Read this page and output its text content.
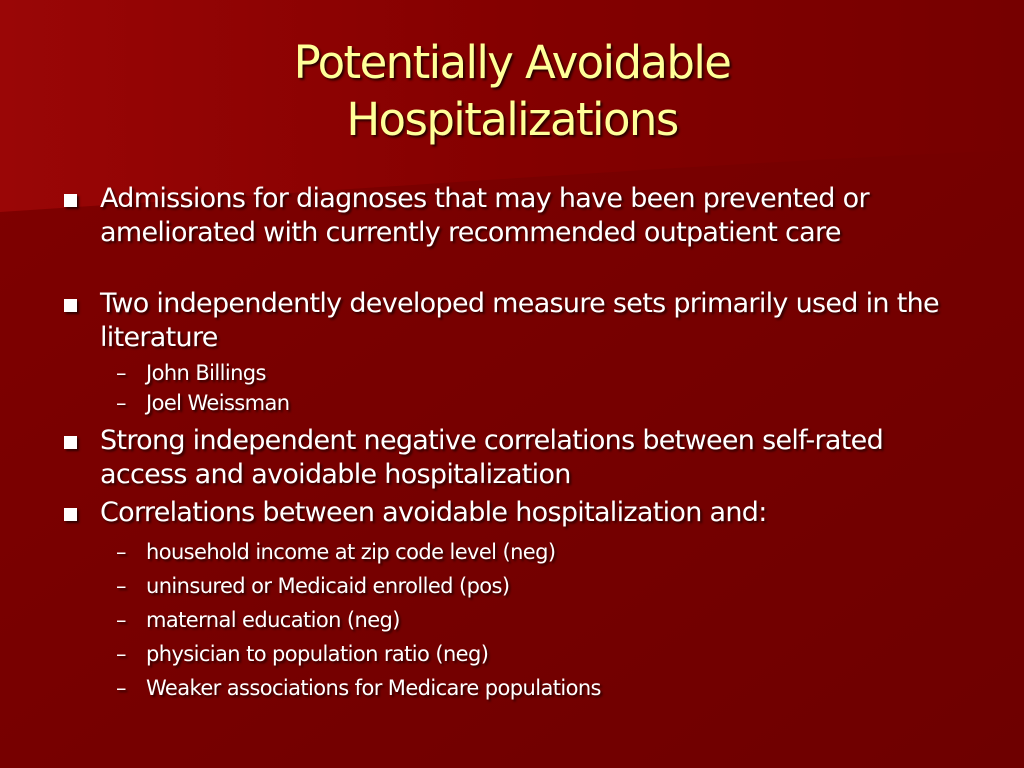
Potentially Avoidable
Hospitalizations
Admissions for diagnoses that may have been prevented or ameliorated with currently recommended outpatient care
Two independently developed measure sets primarily used in the literature
– John Billings
– Joel Weissman
Strong independent negative correlations between self-rated access and avoidable hospitalization
Correlations between avoidable hospitalization and:
– household income at zip code level (neg)
– uninsured or Medicaid enrolled (pos)
– maternal education (neg)
– physician to population ratio (neg)
– Weaker associations for Medicare populations
